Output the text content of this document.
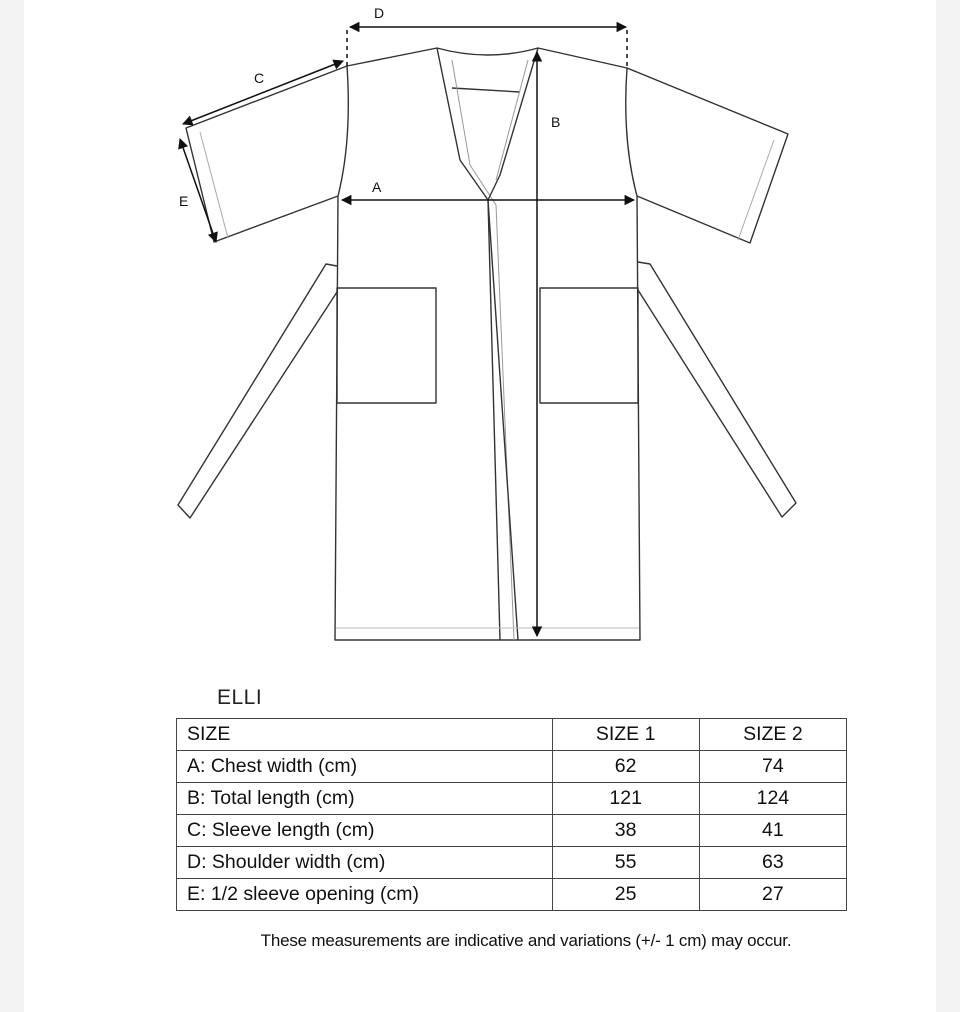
D
C
B
A
E
ELLI
SIZE	SIZE 1	SIZE 2
A: Chest width (cm)	62	74
B: Total length (cm)	121	124
C: Sleeve length (cm)	38	41
D: Shoulder width (cm)	55	63
E: 1/2 sleeve opening (cm)	25	27
These measurements are indicative and variations (+/- 1 cm) may occur.
